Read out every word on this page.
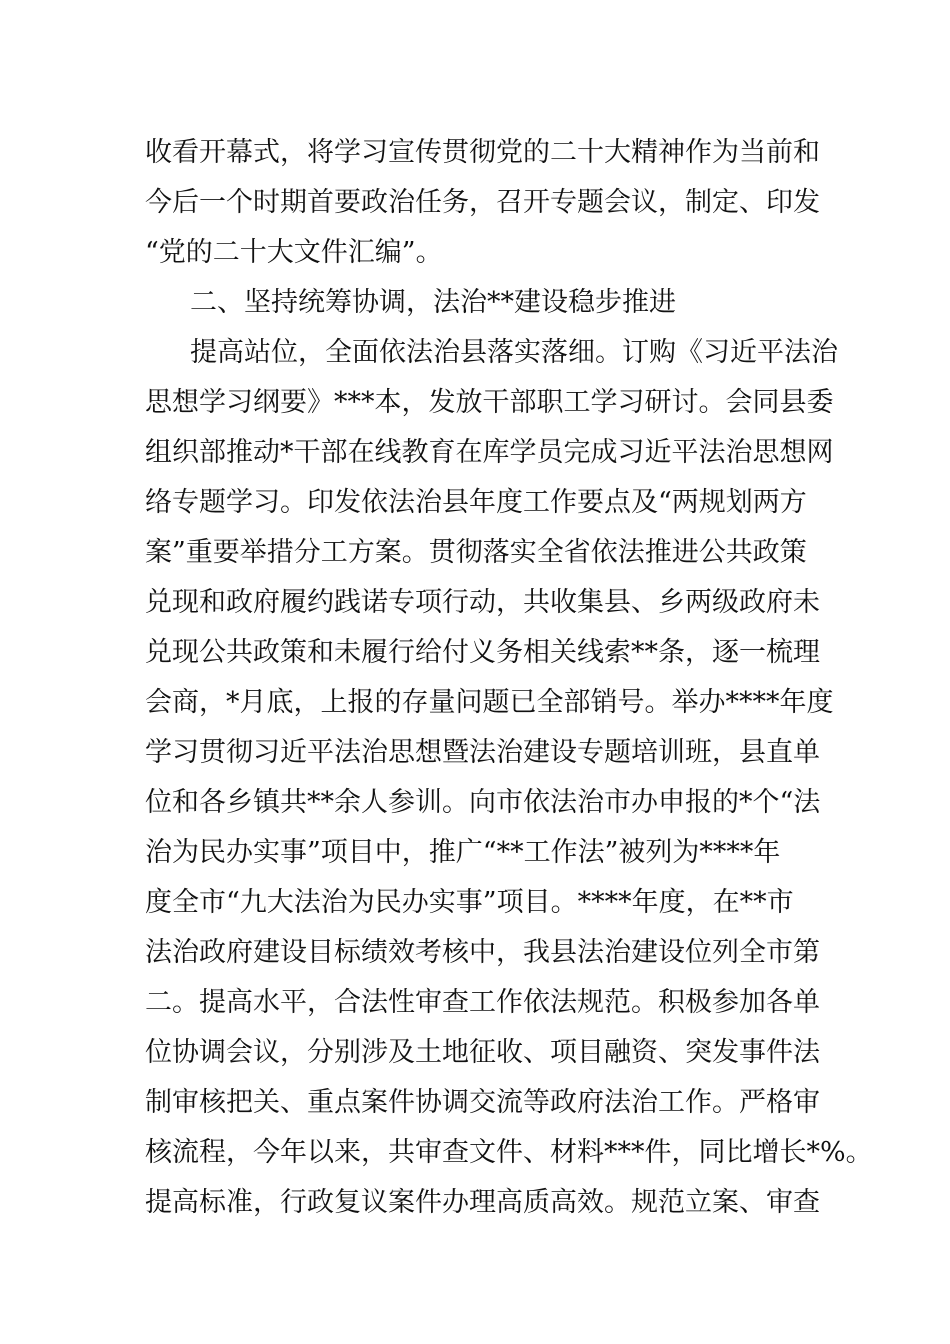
收看开幕式，将学习宣传贯彻党的二十大精神作为当前和
今后一个时期首要政治任务，召开专题会议，制定、印发
“党的二十大文件汇编”。
二、坚持统筹协调，法治**建设稳步推进
提高站位，全面依法治县落实落细。订购《习近平法治
思想学习纲要》***本，发放干部职工学习研讨。会同县委
组织部推动*干部在线教育在库学员完成习近平法治思想网
络专题学习。印发依法治县年度工作要点及“两规划两方
案”重要举措分工方案。贯彻落实全省依法推进公共政策
兑现和政府履约践诺专项行动，共收集县、乡两级政府未
兑现公共政策和未履行给付义务相关线索**条，逐一梳理
会商，*月底，上报的存量问题已全部销号。举办****年度
学习贯彻习近平法治思想暨法治建设专题培训班，县直单
位和各乡镇共**余人参训。向市依法治市办申报的*个“法
治为民办实事”项目中，推广“**工作法”被列为****年
度全市“九大法治为民办实事”项目。****年度，在**市
法治政府建设目标绩效考核中，我县法治建设位列全市第
二。提高水平，合法性审查工作依法规范。积极参加各单
位协调会议，分别涉及土地征收、项目融资、突发事件法
制审核把关、重点案件协调交流等政府法治工作。严格审
核流程，今年以来，共审查文件、材料***件，同比增长*%。
提高标准，行政复议案件办理高质高效。规范立案、审查
